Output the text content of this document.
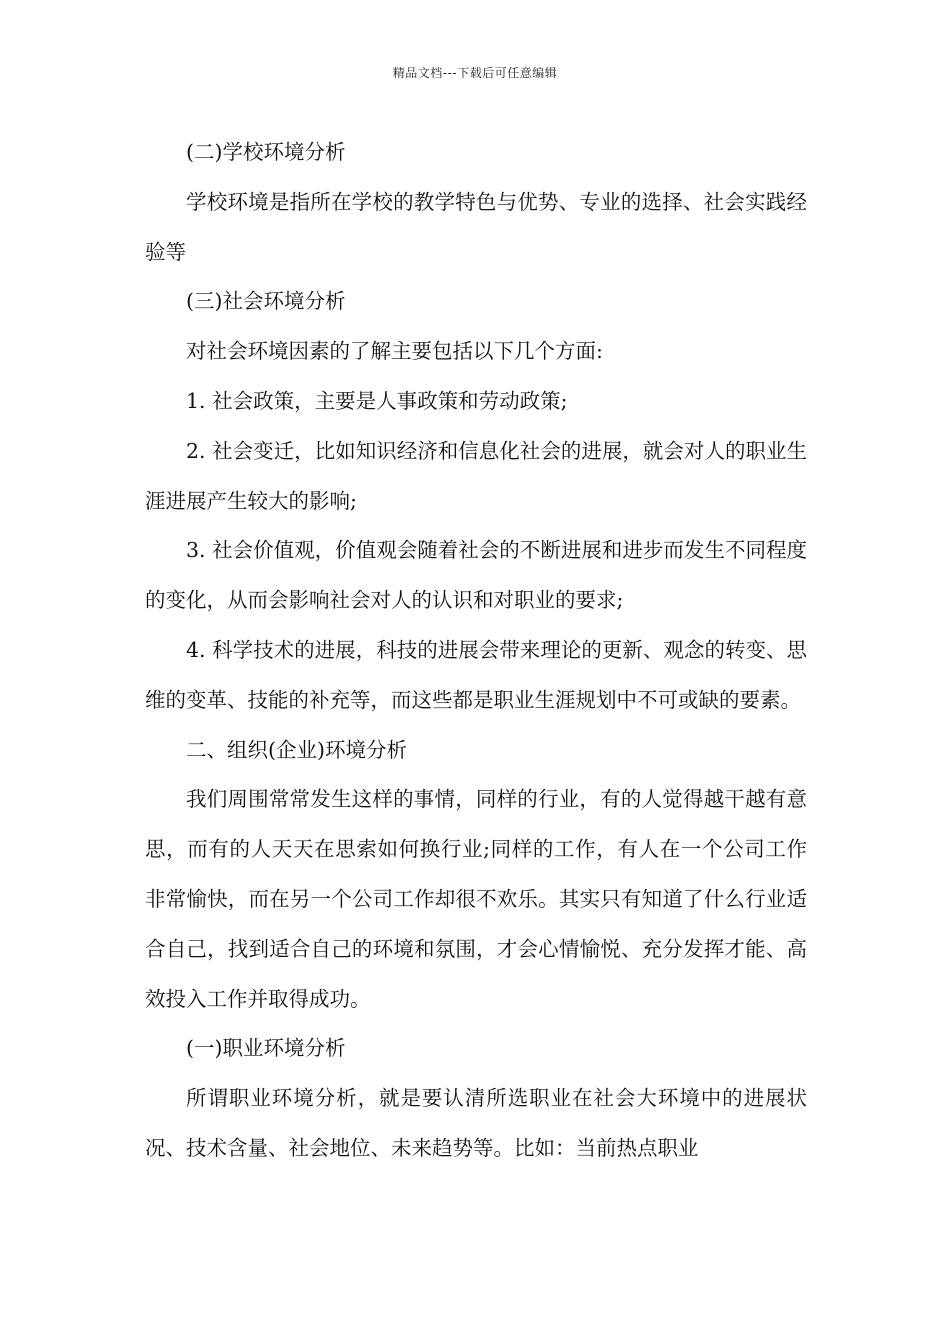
精品文档---下载后可任意编辑

(二)学校环境分析

学校环境是指所在学校的教学特色与优势、专业的选择、社会实践经验等

(三)社会环境分析

对社会环境因素的了解主要包括以下几个方面:

1. 社会政策，主要是人事政策和劳动政策;

2. 社会变迁，比如知识经济和信息化社会的进展，就会对人的职业生涯进展产生较大的影响;

3. 社会价值观，价值观会随着社会的不断进展和进步而发生不同程度的变化，从而会影响社会对人的认识和对职业的要求;

4. 科学技术的进展，科技的进展会带来理论的更新、观念的转变、思维的变革、技能的补充等，而这些都是职业生涯规划中不可或缺的要素。

二、组织(企业)环境分析

我们周围常常发生这样的事情，同样的行业，有的人觉得越干越有意思，而有的人天天在思索如何换行业;同样的工作，有人在一个公司工作非常愉快，而在另一个公司工作却很不欢乐。其实只有知道了什么行业适合自己，找到适合自己的环境和氛围，才会心情愉悦、充分发挥才能、高效投入工作并取得成功。

(一)职业环境分析

所谓职业环境分析，就是要认清所选职业在社会大环境中的进展状况、技术含量、社会地位、未来趋势等。比如：当前热点职业
